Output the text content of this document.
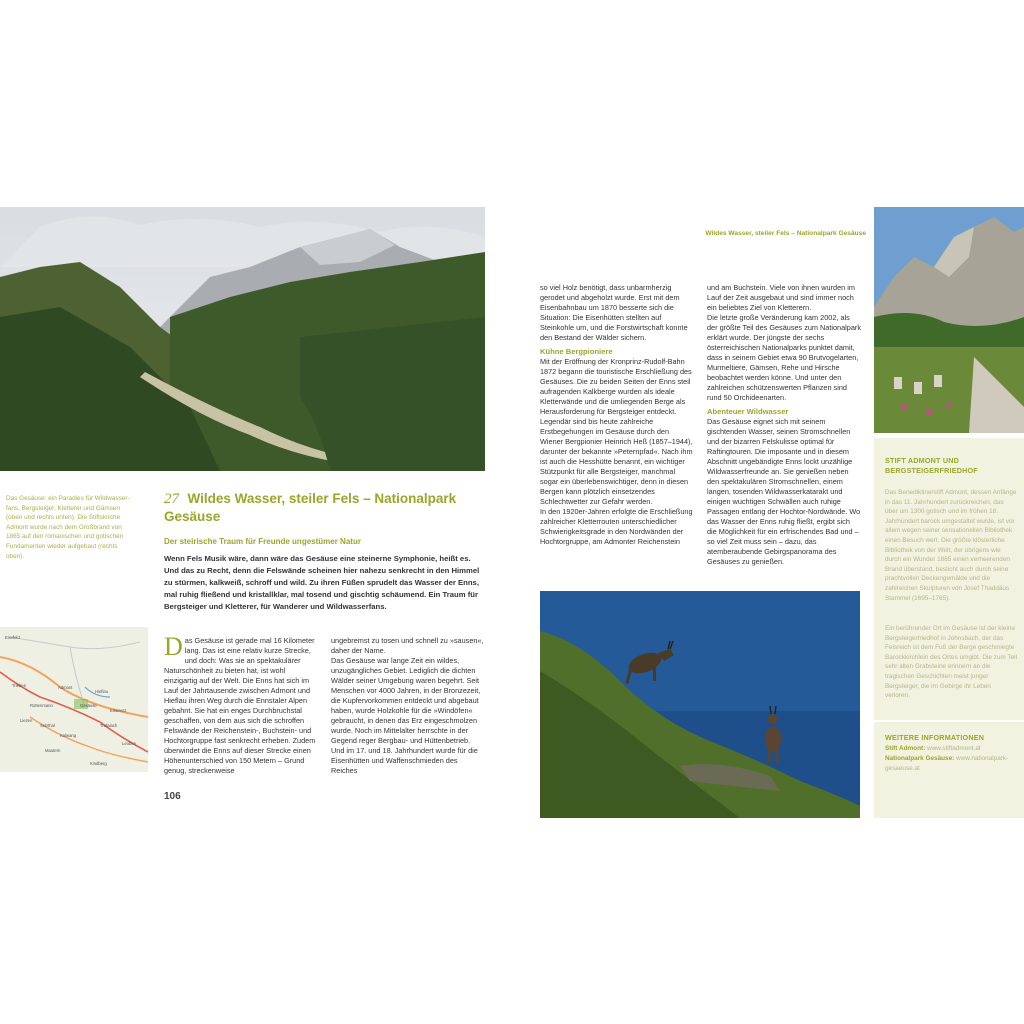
Wildes Wasser, steiler Fels – Nationalpark Gesäuse
Das Gesäuse: ein Paradies für Wildwasser-fans, Bergsteiger, Kletterer und Gämsen (oben und rechts unten). Die Stiftskirche Admont wurde nach dem Großbrand von 1865 auf den romanischen und gotischen Fundamenten wieder aufgebaut (rechts oben).
27 Wildes Wasser, steiler Fels – Nationalpark Gesäuse
Der steirische Traum für Freunde ungestümer Natur
Wenn Fels Musik wäre, dann wäre das Gesäuse eine steinerne Symphonie, heißt es. Und das zu Recht, denn die Felswände scheinen hier nahezu senkrecht in den Himmel zu stürmen, kalkweiß, schroff und wild. Zu ihren Füßen sprudelt das Wasser der Enns, mal ruhig fließend und kristallklar, mal tosend und gischtig schäumend. Ein Traum für Bergsteiger und Kletterer, für Wanderer und Wildwasserfans.
Eisvfeld
Trieben
Rottenmann
Admont
Hieflau
Gesäuse
Liezen
Selzthal
Eisenerz
Kalwang
Trofaiach
Mautern
Leoben
Kindberg
Das Gesäuse ist gerade mal 16 Kilometer lang. Das ist eine relativ kurze Strecke, und doch: Was sie an spektakulärer Naturschönheit zu bieten hat, ist wohl einzigartig auf der Welt. Die Enns hat sich im Lauf der Jahrtausende zwischen Admont und Hieflau ihren Weg durch die Ennstaler Alpen gebahnt. Sie hat ein enges Durchbruchstal geschaffen, von dem aus sich die schroffen Felswände der Reichenstein-, Buchstein- und Hochtorgruppe fast senkrecht erheben. Zudem überwindet die Enns auf dieser Strecke einen Höhenunterschied von 150 Metern – Grund genug, streckenweise

ungebremst zu tosen und schnell zu »sausen«, daher der Name.

Das Gesäuse war lange Zeit ein wildes, unzugängliches Gebiet. Lediglich die dichten Wälder seiner Umgebung waren begehrt. Seit Menschen vor 4000 Jahren, in der Bronzezeit, die Kupfervorkommen entdeckt und abgebaut haben, wurde Holzkohle für die »Windöfen« gebraucht, in denen das Erz eingeschmolzen wurde. Noch im Mittelalter herrschte in der Gegend reger Bergbau- und Hüttenbetrieb. Und im 17. und 18. Jahrhundert wurde für die Eisenhütten und Waffenschmieden des Reiches

106

so viel Holz benötigt, dass unbarmherzig gerodet und abgeholzt wurde. Erst mit dem Eisenbahnbau um 1870 besserte sich die Situation: Die Eisenhütten stellten auf Steinkohle um, und die Forstwirtschaft konnte den Bestand der Wälder sichern.

Kühne Bergpioniere

Mit der Eröffnung der Kronprinz-Rudolf-Bahn 1872 begann die touristische Erschließung des Gesäuses. Die zu beiden Seiten der Enns steil aufragenden Kalkberge wurden als ideale Kletterwände und die umliegenden Berge als Herausforderung für Bergsteiger entdeckt. Legendär sind bis heute zahlreiche Erstbegehungen im Gesäuse durch den Wiener Bergpionier Heinrich Heß (1857–1944), darunter der bekannte »Peternpfad«. Nach ihm ist auch die Hesshütte benannt, ein wichtiger Stützpunkt für alle Bergsteiger, manchmal sogar ein überlebenswichtiger, denn in diesen Bergen kann plötzlich einsetzendes Schlechtwetter zur Gefahr werden.

In den 1920er-Jahren erfolgte die Erschließung zahlreicher Kletterrouten unterschiedlicher Schwierigkeitsgrade in den Nordwänden der Hochtorgruppe, am Admonter Reichenstein

und am Buchstein. Viele von ihnen wurden im Lauf der Zeit ausgebaut und sind immer noch ein beliebtes Ziel von Kletterern.

Die letzte große Veränderung kam 2002, als der größte Teil des Gesäuses zum Nationalpark erklärt wurde. Der jüngste der sechs österreichischen Nationalparks punktet damit, dass in seinem Gebiet etwa 90 Brutvogelarten, Murmeltiere, Gämsen, Rehe und Hirsche beobachtet werden könne. Und unter den zahlreichen schützenswerten Pflanzen sind rund 50 Orchideenarten.

Abenteuer Wildwasser

Das Gesäuse eignet sich mit seinem gischtenden Wasser, seinen Stromschnellen und der bizarren Felskulisse optimal für Raftingtouren. Die imposante und in diesem Abschnitt ungebändigte Enns lockt unzählige Wildwasserfreunde an. Sie genießen neben den spektakulären Stromschnellen, einem langen, tosenden Wildwasserkatarakt und einigen wuchtigen Schwällen auch ruhige Passagen entlang der Hochtor-Nordwände. Wo das Wasser der Enns ruhig fließt, ergibt sich die Möglichkeit für ein erfrischendes Bad und – so viel Zeit muss sein – dazu, das atemberaubende Gebirgspanorama des Gesäuses zu genießen.

STIFT ADMONT UND BERGSTEIGERFRIEDHOF
Das Benediktinerstift Admont, dessen Anfänge in das 11. Jahrhundert zurückreichen, das über um 1300 gotisch und im frühen 18. Jahrhundert barock umgestaltet wurde, ist vor allem wegen seiner sensationellen Bibliothek einen Besuch wert. Die größte klösterliche Bibliothek von der Welt, der übrigens wie durch ein Wunder 1865 einen verheerenden Brand überstand, besticht auch durch seine prachtvollen Deckengemälde und die zahlreichen Skulpturen von Josef Thaddäus Stammel (1695–1765).
Ein berührender Ort im Gesäuse ist der kleine Bergsteigerfriedhof in Johnsbach, der das Felsreich ist dem Fuß der Berge geschmiegte Barockkirchlein des Ortes umgibt. Die zum Teil sehr alten Grabsteine erinnern an die tragischen Geschichten meist junger Bergsteiger, die im Gebirge ihr Leben verloren.
WEITERE INFORMATIONEN
Stift Admont: www.stiftadmont.at
Nationalpark Gesäuse: www.nationalpark-gesaeuse.at
